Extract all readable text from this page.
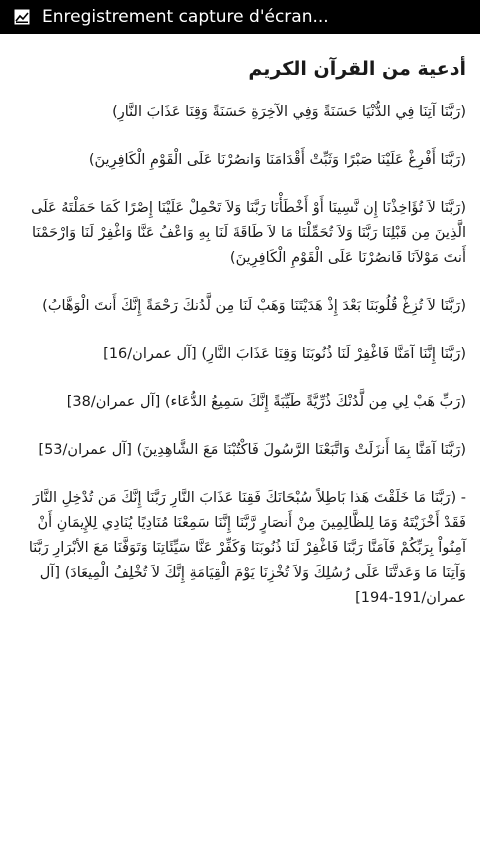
Enregistrement capture d'écran...
أدعية من القرآن الكريم

(رَبَّنَا آتِنَا فِي الدُّنْيَا حَسَنَةً وَفِي الآخِرَةِ حَسَنَةً وَقِنَا عَذَابَ النَّارِ)

(رَبَّنَا أَفْرِغْ عَلَيْنَا صَبْرًا وَثَبِّتْ أَقْدَامَنَا وَانصُرْنَا عَلَى الْقَوْمِ الْكَافِرِينَ)

(رَبَّنَا لاَ تُؤَاخِذْنَا إِن نَّسِينَا أَوْ أَخْطَأْنَا رَبَّنَا وَلاَ تَحْمِلْ عَلَيْنَا إِصْرًا كَمَا حَمَلْتَهُ عَلَى الَّذِينَ مِن قَبْلِنَا رَبَّنَا وَلاَ تُحَمِّلْنَا مَا لاَ طَاقَةَ لَنَا بِهِ وَاعْفُ عَنَّا وَاغْفِرْ لَنَا وَارْحَمْنَا أَنتَ مَوْلاَنَا فَانصُرْنَا عَلَى الْقَوْمِ الْكَافِرِينَ)

(رَبَّنَا لاَ تُزِغْ قُلُوبَنَا بَعْدَ إِذْ هَدَيْتَنَا وَهَبْ لَنَا مِن لَّدُنكَ رَحْمَةً إِنَّكَ أَنتَ الْوَهَّابُ)

(رَبَّنَا إِنَّنَا آمَنَّا فَاغْفِرْ لَنَا ذُنُوبَنَا وَقِنَا عَذَابَ النَّارِ) [آل عمران/16]

(رَبِّ هَبْ لِي مِن لَّدُنْكَ ذُرِّيَّةً طَيِّبَةً إِنَّكَ سَمِيعُ الدُّعَاء) [آل عمران/38]

(رَبَّنَا آمَنَّا بِمَا أَنزَلَتْ وَاتَّبَعْنَا الرَّسُولَ فَاكْتُبْنَا مَعَ الشَّاهِدِينَ) [آل عمران/53]

- (رَبَّنَا مَا خَلَقْتَ هَذا بَاطِلاً سُبْحَانَكَ فَقِنَا عَذَابَ النَّارِ رَبَّنَا إِنَّكَ مَن تُدْخِلِ النَّارَ فَقَدْ أَخْزَيْتَهُ وَمَا لِلظَّالِمِينَ مِنْ أَنصَارٍ رَّبَّنَا إِنَّنَا سَمِعْنَا مُنَادِيًا يُنَادِي لِلإِيمَانِ أَنْ آمِنُواْ بِرَبِّكُمْ فَآمَنَّا رَبَّنَا فَاغْفِرْ لَنَا ذُنُوبَنَا وَكَفِّرْ عَنَّا سَيِّئَاتِنَا وَتَوَفَّنَا مَعَ الأبْرَارِ رَبَّنَا وَآتِنَا مَا وَعَدتَّنَا عَلَى رُسُلِكَ وَلاَ تُخْزِنَا يَوْمَ الْقِيَامَةِ إِنَّكَ لاَ تُخْلِفُ الْمِيعَادَ) [آل عمران/191-194]
